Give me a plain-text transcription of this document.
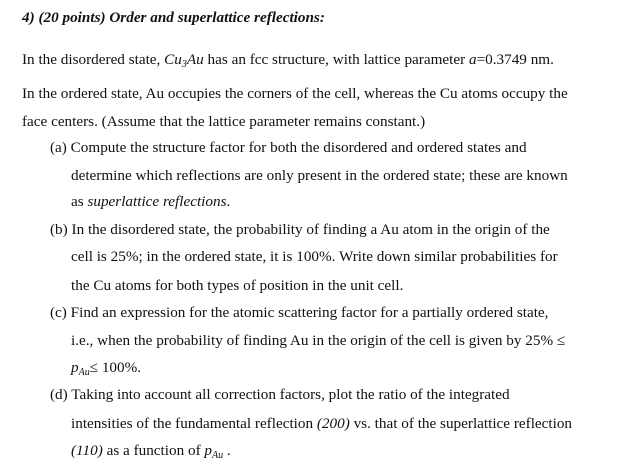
4) (20 points) Order and superlattice reflections:
In the disordered state, $Cu_3Au$ has an fcc structure, with lattice parameter a=0.3749 nm.
In the ordered state, Au occupies the corners of the cell, whereas the Cu atoms occupy the
face centers. (Assume that the lattice parameter remains constant.)
(a) Compute the structure factor for both the disordered and ordered states and
determine which reflections are only present in the ordered state; these are known
as superlattice reflections.
(b) In the disordered state, the probability of finding a Au atom in the origin of the
cell is 25%; in the ordered state, it is 100%. Write down similar probabilities for
the Cu atoms for both types of position in the unit cell.
(c) Find an expression for the atomic scattering factor for a partially ordered state,
i.e., when the probability of finding Au in the origin of the cell is given by 25% ≤
$p_{Au}\le 100\%$.
(d) Taking into account all correction factors, plot the ratio of the integrated
intensities of the fundamental reflection (200) vs. that of the superlattice reflection
(110) as a function of $p_{Au}$ .
